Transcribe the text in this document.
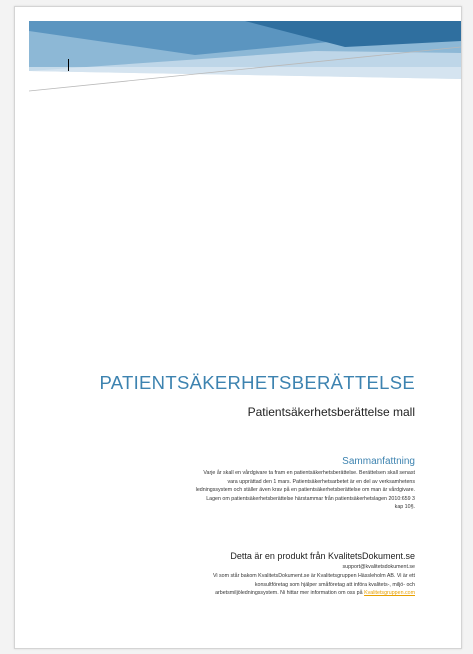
PATIENTSÄKERHETSBERÄTTELSE
Patientsäkerhetsberättelse mall
Sammanfattning
Varje år skall en vårdgivare ta fram en patientsäkerhetsberättelse. Berättelsen skall senast
vara upprättad den 1 mars. Patientsäkerhetsarbetet är en del av verksamhetens
ledningssystem och ställer även krav på en patientsäkerhetsberättelse om man är vårdgivare.
Lagen om patientsäkerhetsberättelse härstammar från patientsäkerhetslagen 2010:659 3
kap 10§.
Detta är en produkt från KvalitetsDokument.se
support@kvalitetsdokument.se
Vi som står bakom KvalitetsDokument.se är Kvalitetsgruppen Hässleholm AB. Vi är ett
konsultföretag som hjälper småföretag att införa kvalitets-, miljö- och
arbetsmiljöledningssystem. Ni hittar mer information om oss på Kvalitetsgruppen.com
